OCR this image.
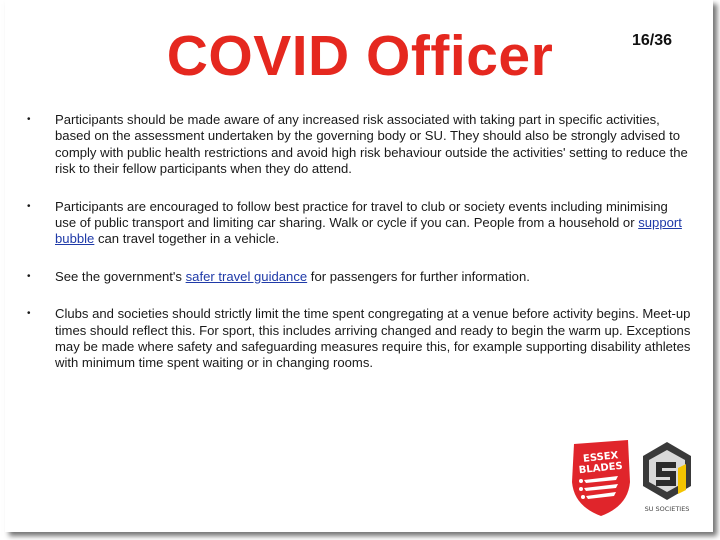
COVID Officer	16/36
• Participants should be made aware of any increased risk associated with taking part in specific activities, based on the assessment undertaken by the governing body or SU. They should also be strongly advised to comply with public health restrictions and avoid high risk behaviour outside the activities' setting to reduce the risk to their fellow participants when they do attend.
• Participants are encouraged to follow best practice for travel to club or society events including minimising use of public transport and limiting car sharing. Walk or cycle if you can. People from a household or support bubble can travel together in a vehicle.
• See the government's safer travel guidance for passengers for further information.
• Clubs and societies should strictly limit the time spent congregating at a venue before activity begins. Meet-up times should reflect this. For sport, this includes arriving changed and ready to begin the warm up. Exceptions may be made where safety and safeguarding measures require this, for example supporting disability athletes with minimum time spent waiting or in changing rooms.
ESSEX
BLADES
SU SOCIETIES
